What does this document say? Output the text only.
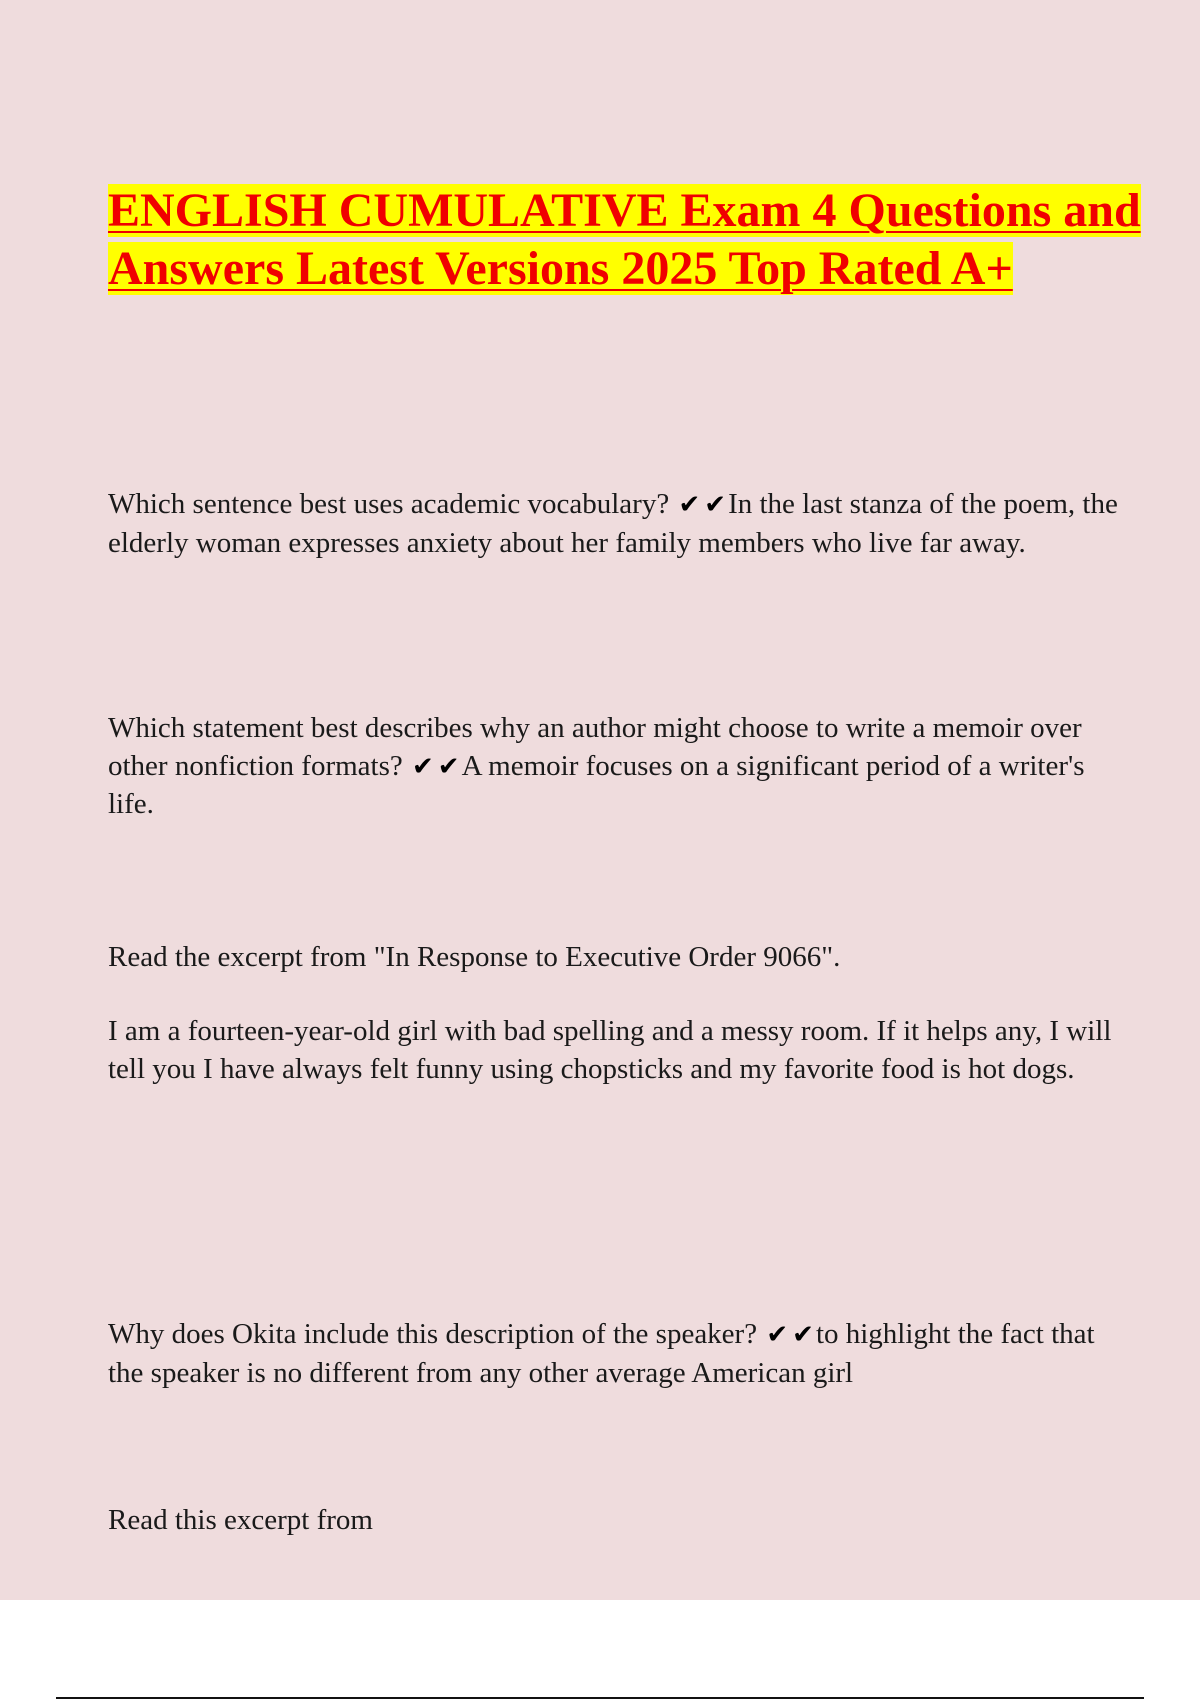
ENGLISH CUMULATIVE Exam 4 Questions and Answers Latest Versions 2025 Top Rated A+

Which sentence best uses academic vocabulary? ✔ ✔In the last stanza of the poem, the elderly woman expresses anxiety about her family members who live far away.

Which statement best describes why an author might choose to write a memoir over other nonfiction formats? ✔ ✔A memoir focuses on a significant period of a writer's life.

Read the excerpt from "In Response to Executive Order 9066".

I am a fourteen-year-old girl with bad spelling and a messy room. If it helps any, I will tell you I have always felt funny using chopsticks and my favorite food is hot dogs.

Why does Okita include this description of the speaker? ✔ ✔to highlight the fact that the speaker is no different from any other average American girl

Read this excerpt from
